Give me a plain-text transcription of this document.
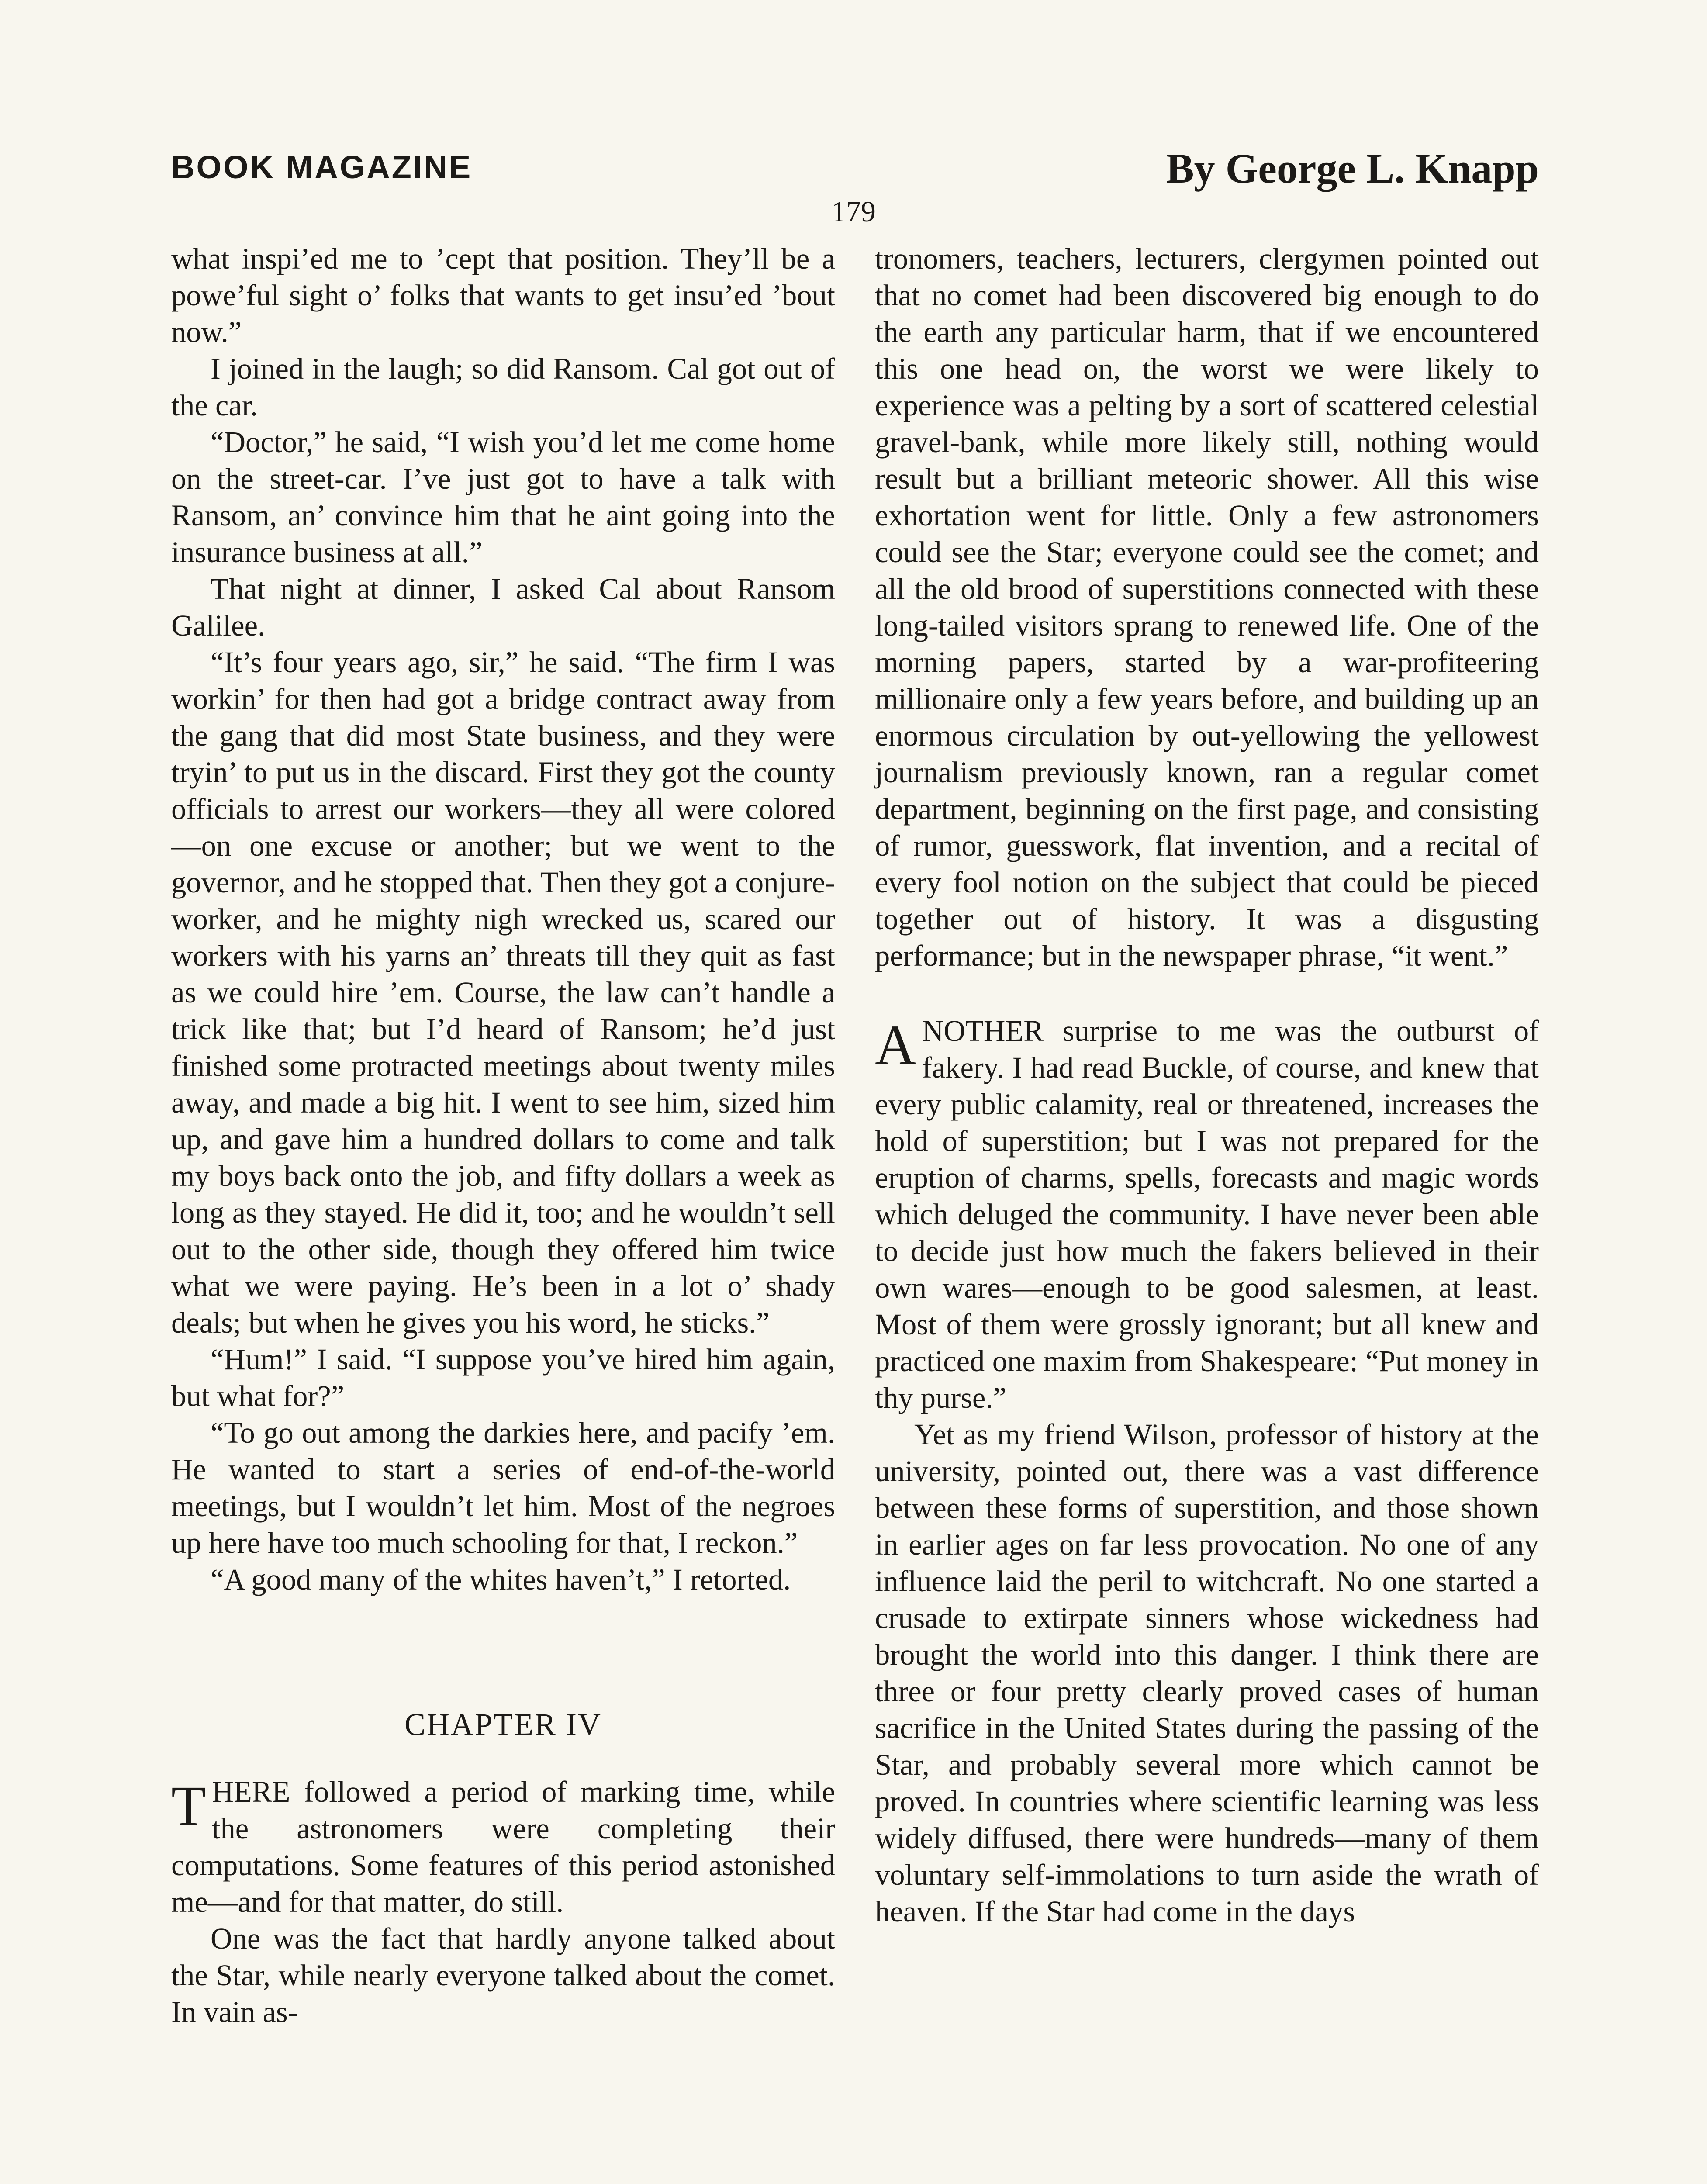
BOOK MAGAZINE	By George L. Knapp
179

what inspi’ed me to ’cept that position. They’ll be a powe’ful sight o’ folks that wants to get insu’ed ’bout now.”

I joined in the laugh; so did Ransom. Cal got out of the car.

“Doctor,” he said, “I wish you’d let me come home on the street-car. I’ve just got to have a talk with Ransom, an’ convince him that he aint going into the insurance business at all.”

That night at dinner, I asked Cal about Ransom Galilee.

“It’s four years ago, sir,” he said. “The firm I was workin’ for then had got a bridge contract away from the gang that did most State business, and they were tryin’ to put us in the discard. First they got the county officials to arrest our workers—they all were colored—on one excuse or another; but we went to the governor, and he stopped that. Then they got a conjure-worker, and he mighty nigh wrecked us, scared our workers with his yarns an’ threats till they quit as fast as we could hire ’em. Course, the law can’t handle a trick like that; but I’d heard of Ransom; he’d just finished some protracted meetings about twenty miles away, and made a big hit. I went to see him, sized him up, and gave him a hundred dollars to come and talk my boys back onto the job, and fifty dollars a week as long as they stayed. He did it, too; and he wouldn’t sell out to the other side, though they offered him twice what we were paying. He’s been in a lot o’ shady deals; but when he gives you his word, he sticks.”

“Hum!” I said. “I suppose you’ve hired him again, but what for?”

“To go out among the darkies here, and pacify ’em. He wanted to start a series of end-of-the-world meetings, but I wouldn’t let him. Most of the negroes up here have too much schooling for that, I reckon.”

“A good many of the whites haven’t,” I retorted.

CHAPTER IV

THERE followed a period of marking time, while the astronomers were completing their computations. Some features of this period astonished me—and for that matter, do still.

One was the fact that hardly anyone talked about the Star, while nearly everyone talked about the comet. In vain as-

tronomers, teachers, lecturers, clergymen pointed out that no comet had been discovered big enough to do the earth any particular harm, that if we encountered this one head on, the worst we were likely to experience was a pelting by a sort of scattered celestial gravel-bank, while more likely still, nothing would result but a brilliant meteoric shower. All this wise exhortation went for little. Only a few astronomers could see the Star; everyone could see the comet; and all the old brood of superstitions connected with these long-tailed visitors sprang to renewed life. One of the morning papers, started by a war-profiteering millionaire only a few years before, and building up an enormous circulation by out-yellowing the yellowest journalism previously known, ran a regular comet department, beginning on the first page, and consisting of rumor, guesswork, flat invention, and a recital of every fool notion on the subject that could be pieced together out of history. It was a disgusting performance; but in the newspaper phrase, “it went.”

ANOTHER surprise to me was the outburst of fakery. I had read Buckle, of course, and knew that every public calamity, real or threatened, increases the hold of superstition; but I was not prepared for the eruption of charms, spells, forecasts and magic words which deluged the community. I have never been able to decide just how much the fakers believed in their own wares—enough to be good salesmen, at least. Most of them were grossly ignorant; but all knew and practiced one maxim from Shakespeare: “Put money in thy purse.”

Yet as my friend Wilson, professor of history at the university, pointed out, there was a vast difference between these forms of superstition, and those shown in earlier ages on far less provocation. No one of any influence laid the peril to witchcraft. No one started a crusade to extirpate sinners whose wickedness had brought the world into this danger. I think there are three or four pretty clearly proved cases of human sacrifice in the United States during the passing of the Star, and probably several more which cannot be proved. In countries where scientific learning was less widely diffused, there were hundreds—many of them voluntary self-immolations to turn aside the wrath of heaven. If the Star had come in the days
